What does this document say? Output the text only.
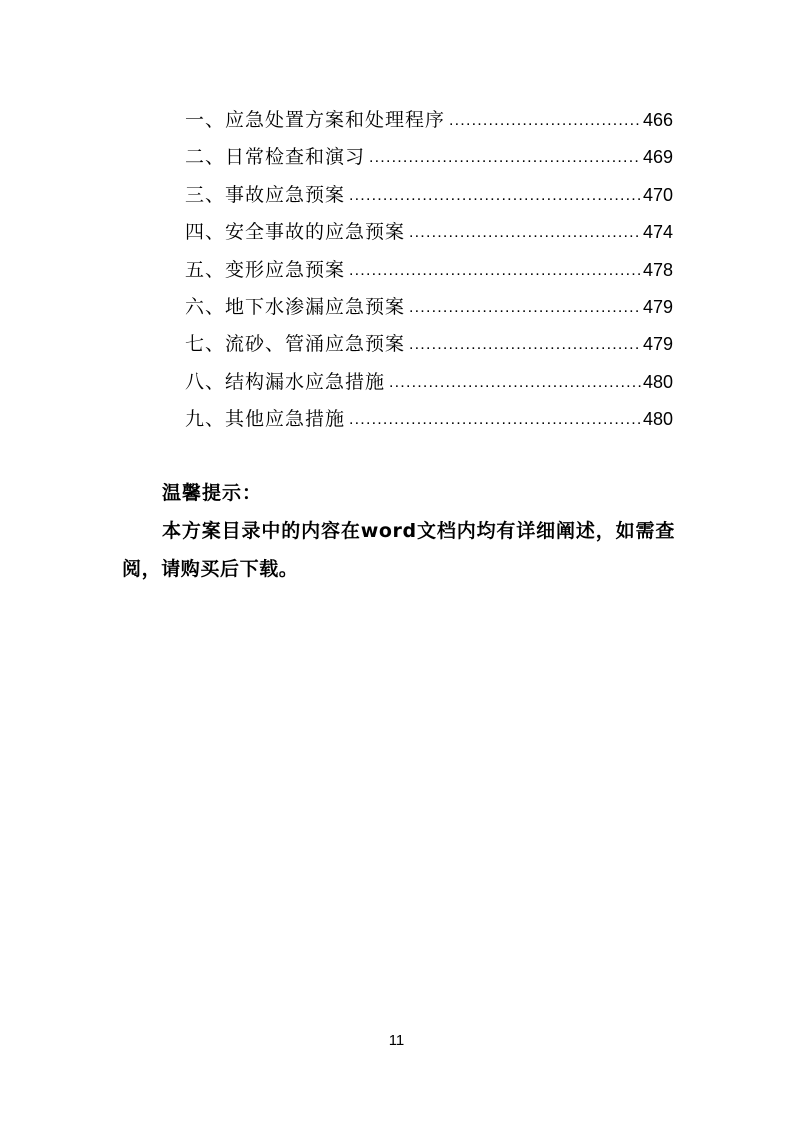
一、应急处置方案和处理程序 .....	466
二、日常检查和演习 .....	469
三、事故应急预案 .....	470
四、安全事故的应急预案 .....	474
五、变形应急预案 .....	478
六、地下水渗漏应急预案 .....	479
七、流砂、管涌应急预案 .....	479
八、结构漏水应急措施 .....	480
九、其他应急措施 .....	480
温馨提示：
本方案目录中的内容在word文档内均有详细阐述，如需查阅，请购买后下载。
11
